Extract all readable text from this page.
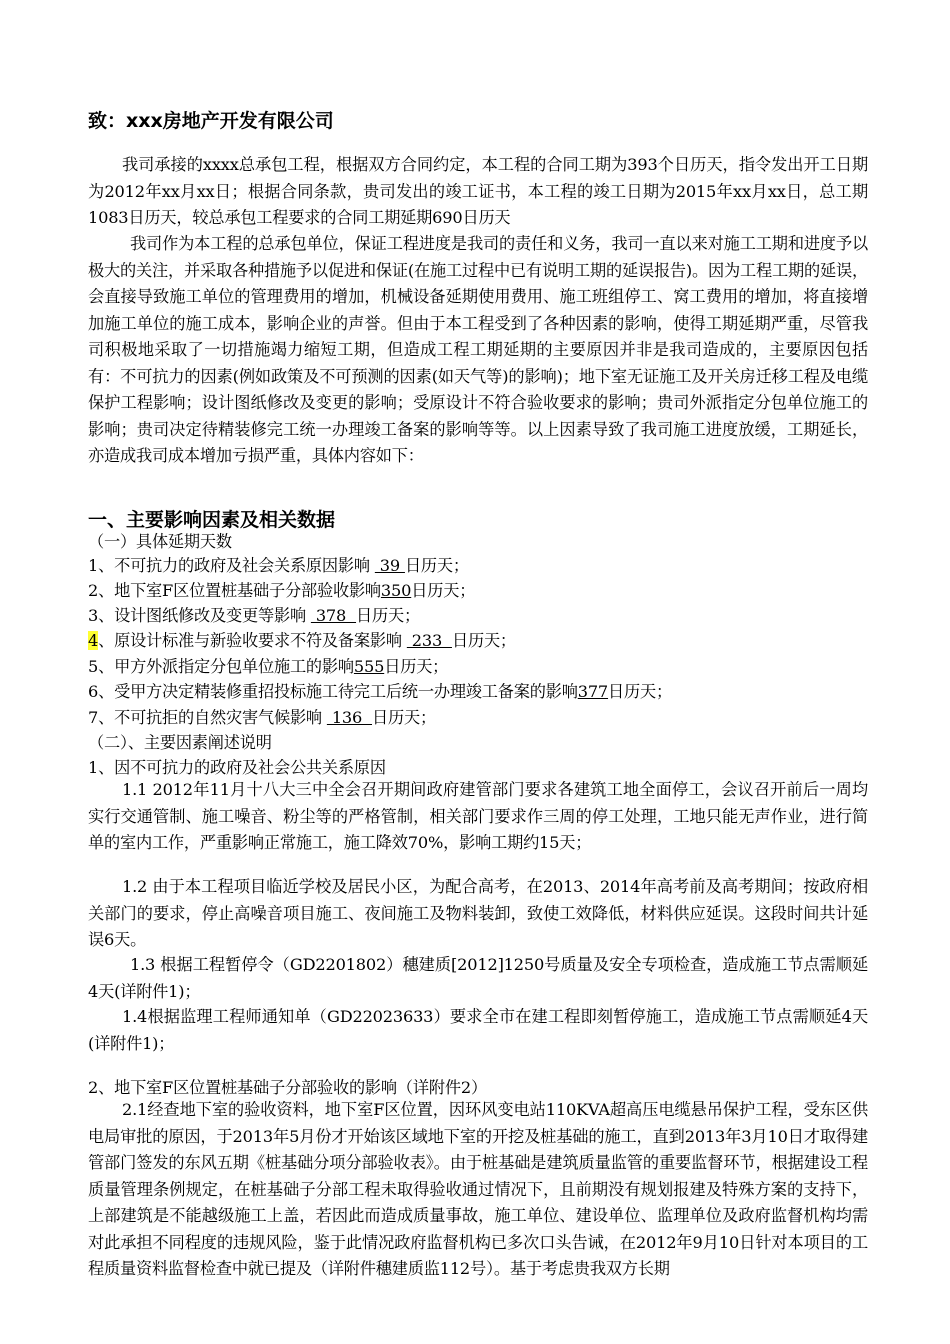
致：xxx房地产开发有限公司

我司承接的xxxx总承包工程，根据双方合同约定，本工程的合同工期为393个日历天，指令发出开工日期为2012年xx月xx日；根据合同条款，贵司发出的竣工证书，本工程的竣工日期为2015年xx月xx日，总工期1083日历天，较总承包工程要求的合同工期延期690日历天

我司作为本工程的总承包单位，保证工程进度是我司的责任和义务，我司一直以来对施工工期和进度予以极大的关注，并采取各种措施予以促进和保证(在施工过程中已有说明工期的延误报告)。因为工程工期的延误，会直接导致施工单位的管理费用的增加，机械设备延期使用费用、施工班组停工、窝工费用的增加，将直接增加施工单位的施工成本，影响企业的声誉。但由于本工程受到了各种因素的影响，使得工期延期严重，尽管我司积极地采取了一切措施竭力缩短工期，但造成工程工期延期的主要原因并非是我司造成的，主要原因包括有：不可抗力的因素(例如政策及不可预测的因素(如天气等)的影响)；地下室无证施工及开关房迁移工程及电缆保护工程影响；设计图纸修改及变更的影响；受原设计不符合验收要求的影响；贵司外派指定分包单位施工的影响；贵司决定待精装修完工统一办理竣工备案的影响等等。以上因素导致了我司施工进度放缓，工期延长，亦造成我司成本增加亏损严重，具体内容如下：

一、主要影响因素及相关数据
（一）具体延期天数
1、不可抗力的政府及社会关系原因影响  39 日历天；
2、地下室F区位置桩基础子分部验收影响350日历天；
3、设计图纸修改及变更等影响  378  日历天；
4、原设计标准与新验收要求不符及备案影响  233  日历天；
5、甲方外派指定分包单位施工的影响555日历天；
6、受甲方决定精装修重招投标施工待完工后统一办理竣工备案的影响377日历天；
7、不可抗拒的自然灾害气候影响  136  日历天；
（二）、主要因素阐述说明
1、因不可抗力的政府及社会公共关系原因

1.1 2012年11月十八大三中全会召开期间政府建管部门要求各建筑工地全面停工，会议召开前后一周均实行交通管制、施工噪音、粉尘等的严格管制，相关部门要求作三周的停工处理，工地只能无声作业，进行简单的室内工作，严重影响正常施工，施工降效70%，影响工期约15天；

1.2 由于本工程项目临近学校及居民小区，为配合高考，在2013、2014年高考前及高考期间；按政府相关部门的要求，停止高噪音项目施工、夜间施工及物料装卸，致使工效降低，材料供应延误。这段时间共计延误6天。

1.3 根据工程暂停令（GD2201802）穗建质[2012]1250号质量及安全专项检查，造成施工节点需顺延4天(详附件1)；

1.4根据监理工程师通知单（GD22023633）要求全市在建工程即刻暂停施工，造成施工节点需顺延4天(详附件1)；

2、地下室F区位置桩基础子分部验收的影响（详附件2）

2.1经查地下室的验收资料，地下室F区位置，因环风变电站110KVA超高压电缆悬吊保护工程，受东区供电局审批的原因，于2013年5月份才开始该区域地下室的开挖及桩基础的施工，直到2013年3月10日才取得建管部门签发的东风五期《桩基础分项分部验收表》。由于桩基础是建筑质量监管的重要监督环节，根据建设工程质量管理条例规定，在桩基础子分部工程未取得验收通过情况下，且前期没有规划报建及特殊方案的支持下，上部建筑是不能越级施工上盖，若因此而造成质量事故，施工单位、建设单位、监理单位及政府监督机构均需对此承担不同程度的违规风险，鉴于此情况政府监督机构已多次口头告诫，在2012年9月10日针对本项目的工程质量资料监督检查中就已提及（详附件穗建质监112号）。基于考虑贵我双方长期
